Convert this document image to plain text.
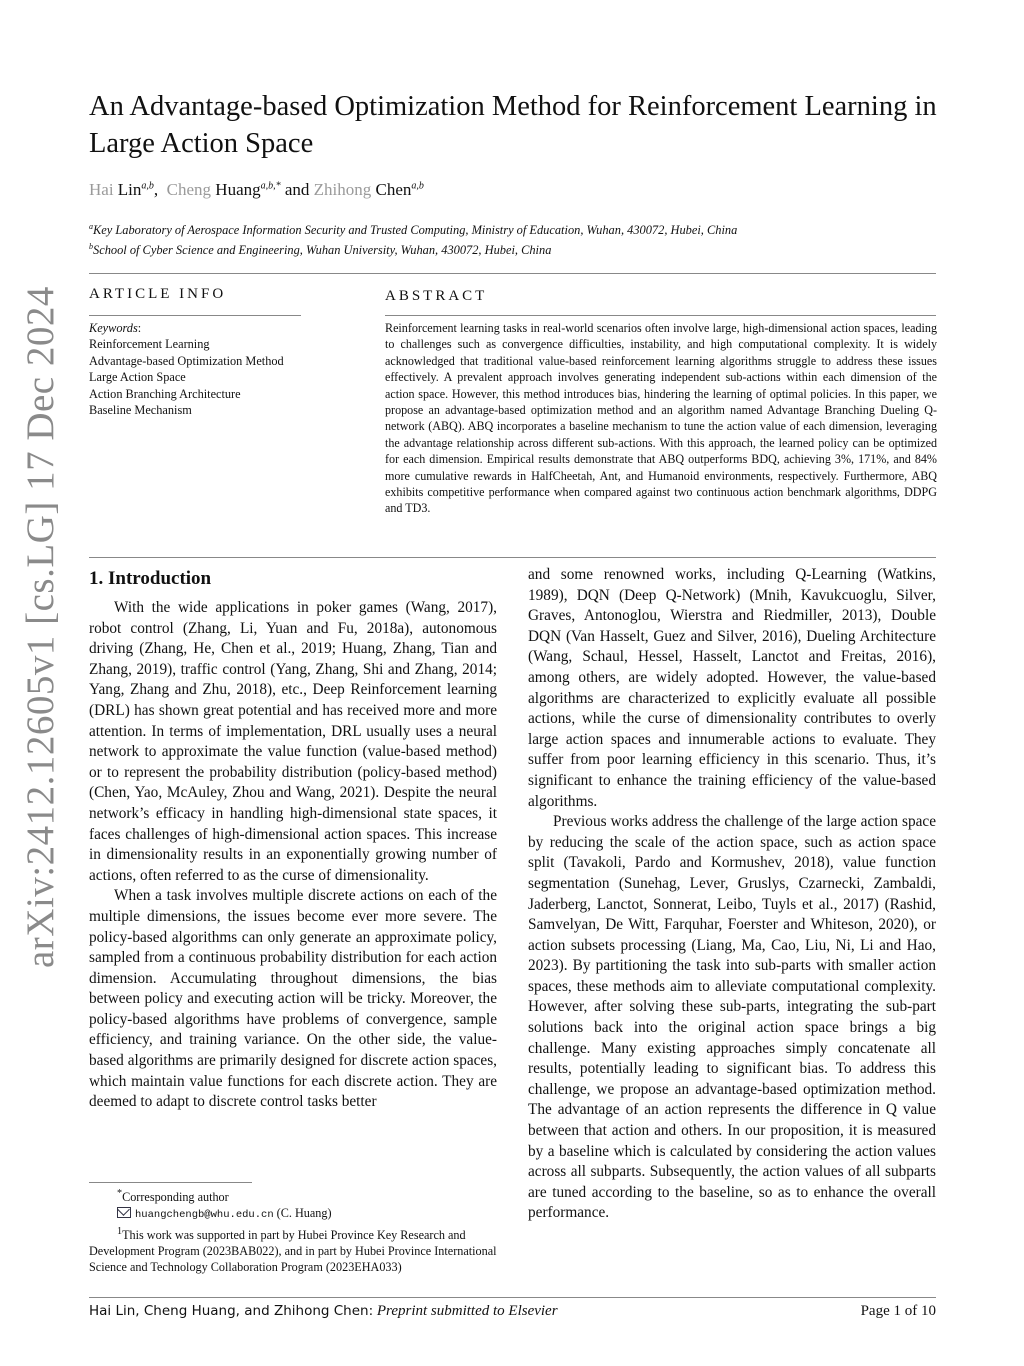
arXiv:2412.12605v1 [cs.LG] 17 Dec 2024
An Advantage-based Optimization Method for Reinforcement Learning in Large Action Space
Hai Lin$^{a,b}$, Cheng Huang$^{a,b,*}$ and Zhihong Chen$^{a,b}$
$^a$Key Laboratory of Aerospace Information Security and Trusted Computing, Ministry of Education, Wuhan, 430072, Hubei, China
$^b$School of Cyber Science and Engineering, Wuhan University, Wuhan, 430072, Hubei, China
ARTICLE INFO
Keywords:
Reinforcement Learning
Advantage-based Optimization Method
Large Action Space
Action Branching Architecture
Baseline Mechanism
ABSTRACT
Reinforcement learning tasks in real-world scenarios often involve large, high-dimensional action spaces, leading to challenges such as convergence difficulties, instability, and high computational complexity. It is widely acknowledged that traditional value-based reinforcement learning algorithms struggle to address these issues effectively. A prevalent approach involves generating independent sub-actions within each dimension of the action space. However, this method introduces bias, hindering the learning of optimal policies. In this paper, we propose an advantage-based optimization method and an algorithm named Advantage Branching Dueling Q-network (ABQ). ABQ incorporates a baseline mechanism to tune the action value of each dimension, leveraging the advantage relationship across different sub-actions. With this approach, the learned policy can be optimized for each dimension. Empirical results demonstrate that ABQ outperforms BDQ, achieving 3%, 171%, and 84% more cumulative rewards in HalfCheetah, Ant, and Humanoid environments, respectively. Furthermore, ABQ exhibits competitive performance when compared against two continuous action benchmark algorithms, DDPG and TD3.
1. Introduction

With the wide applications in poker games (Wang, 2017), robot control (Zhang, Li, Yuan and Fu, 2018a), autonomous driving (Zhang, He, Chen et al., 2019; Huang, Zhang, Tian and Zhang, 2019), traffic control (Yang, Zhang, Shi and Zhang, 2014; Yang, Zhang and Zhu, 2018), etc., Deep Reinforcement learning (DRL) has shown great potential and has received more and more attention. In terms of implementation, DRL usually uses a neural network to approximate the value function (value-based method) or to represent the probability distribution (policy-based method) (Chen, Yao, McAuley, Zhou and Wang, 2021). Despite the neural network’s efficacy in handling high-dimensional state spaces, it faces challenges of high-dimensional action spaces. This increase in dimensionality results in an exponentially growing number of actions, often referred to as the curse of dimensionality.

When a task involves multiple discrete actions on each of the multiple dimensions, the issues become ever more severe. The policy-based algorithms can only generate an approximate policy, sampled from a continuous probability distribution for each action dimension. Accumulating throughout dimensions, the bias between policy and executing action will be tricky. Moreover, the policy-based algorithms have problems of convergence, sample efficiency, and training variance. On the other side, the value-based algorithms are primarily designed for discrete action spaces, which maintain value functions for each discrete action. They are deemed to adapt to discrete control tasks better

and some renowned works, including Q-Learning (Watkins, 1989), DQN (Deep Q-Network) (Mnih, Kavukcuoglu, Silver, Graves, Antonoglou, Wierstra and Riedmiller, 2013), Double DQN (Van Hasselt, Guez and Silver, 2016), Dueling Architecture (Wang, Schaul, Hessel, Hasselt, Lanctot and Freitas, 2016), among others, are widely adopted. However, the value-based algorithms are characterized to explicitly evaluate all possible actions, while the curse of dimensionality contributes to overly large action spaces and innumerable actions to evaluate. They suffer from poor learning efficiency in this scenario. Thus, it’s significant to enhance the training efficiency of the value-based algorithms.

Previous works address the challenge of the large action space by reducing the scale of the action space, such as action space split (Tavakoli, Pardo and Kormushev, 2018), value function segmentation (Sunehag, Lever, Gruslys, Czarnecki, Zambaldi, Jaderberg, Lanctot, Sonnerat, Leibo, Tuyls et al., 2017) (Rashid, Samvelyan, De Witt, Farquhar, Foerster and Whiteson, 2020), or action subsets processing (Liang, Ma, Cao, Liu, Ni, Li and Hao, 2023). By partitioning the task into sub-parts with smaller action spaces, these methods aim to alleviate computational complexity. However, after solving these sub-parts, integrating the sub-part solutions back into the original action space brings a big challenge. Many existing approaches simply concatenate all results, potentially leading to significant bias. To address this challenge, we propose an advantage-based optimization method. The advantage of an action represents the difference in Q value between that action and others. In our proposition, it is measured by a baseline which is calculated by considering the action values across all subparts. Subsequently, the action values of all subparts are tuned according to the baseline, so as to enhance the overall performance.

*Corresponding author
huangchengb@whu.edu.cn (C. Huang)
$^1$This work was supported in part by Hubei Province Key Research and Development Program (2023BAB022), and in part by Hubei Province International Science and Technology Collaboration Program (2023EHA033)
Hai Lin, Cheng Huang, and Zhihong Chen: Preprint submitted to Elsevier	Page 1 of 10
